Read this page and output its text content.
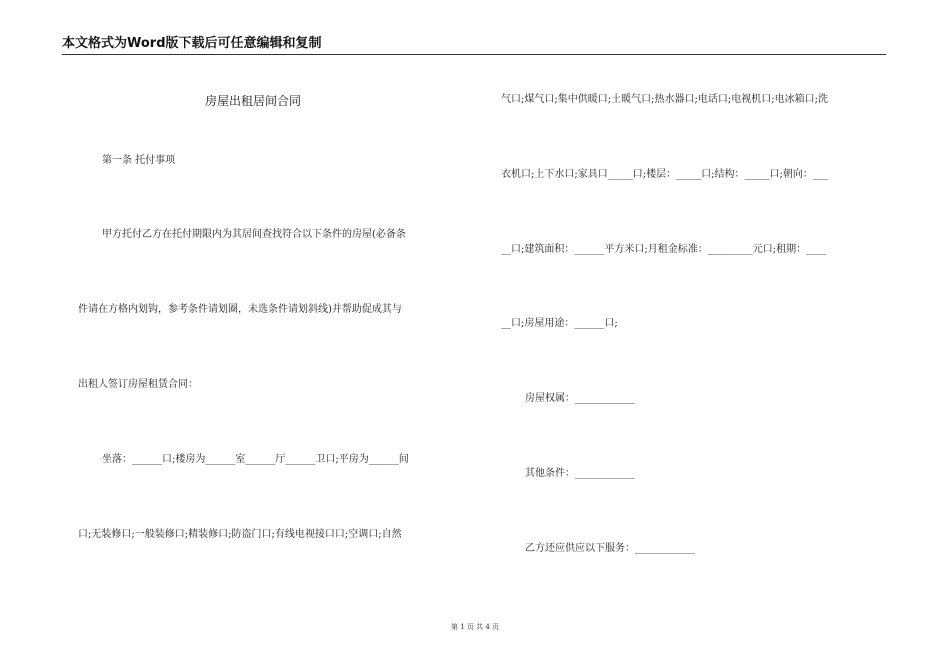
本文格式为Word版下载后可任意编辑和复制
房屋出租居间合同
第一条 托付事项
甲方托付乙方在托付期限内为其居间查找符合以下条件的房屋(必备条
件请在方格内划钩，参考条件请划圈，未选条件请划斜线)并帮助促成其与
出租人签订房屋租赁合同：
坐落：______口;楼房为______室______厅______卫口;平房为______间
口;无装修口;一般装修口;精装修口;防盗门口;有线电视接口口;空调口;自然
气口;煤气口;集中供暖口;土暖气口;热水器口;电话口;电视机口;电冰箱口;洗
衣机口;上下水口;家具口_____口;楼层：_____口;结构：_____口;朝向：___
__口;建筑面积：______平方米口;月租金标准：_________元口;租期：____
__口;房屋用途：______口;
房屋权属：____________
其他条件：____________
乙方还应供应以下服务：____________
第 1 页 共 4 页
